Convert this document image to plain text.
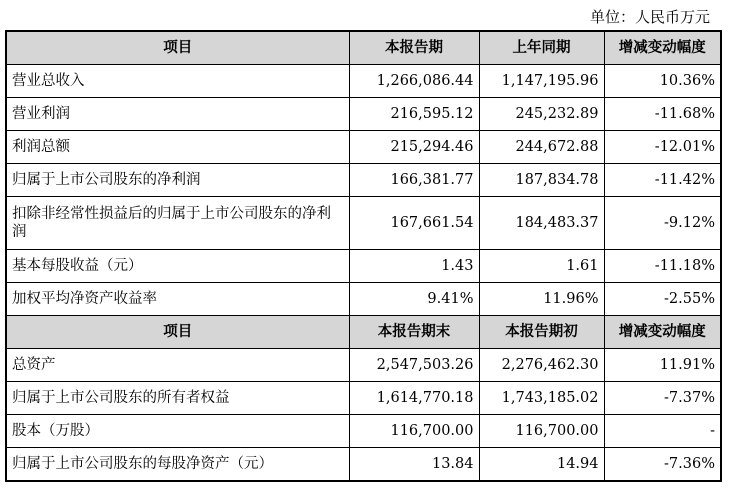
单位：人民币万元
项目	本报告期	上年同期	增减变动幅度
营业总收入	1,266,086.44	1,147,195.96	10.36%
营业利润	216,595.12	245,232.89	-11.68%
利润总额	215,294.46	244,672.88	-12.01%
归属于上市公司股东的净利润	166,381.77	187,834.78	-11.42%
扣除非经常性损益后的归属于上市公司股东的净利润	167,661.54	184,483.37	-9.12%
基本每股收益（元）	1.43	1.61	-11.18%
加权平均净资产收益率	9.41%	11.96%	-2.55%
项目	本报告期末	本报告期初	增减变动幅度
总资产	2,547,503.26	2,276,462.30	11.91%
归属于上市公司股东的所有者权益	1,614,770.18	1,743,185.02	-7.37%
股本（万股）	116,700.00	116,700.00	-
归属于上市公司股东的每股净资产（元）	13.84	14.94	-7.36%
